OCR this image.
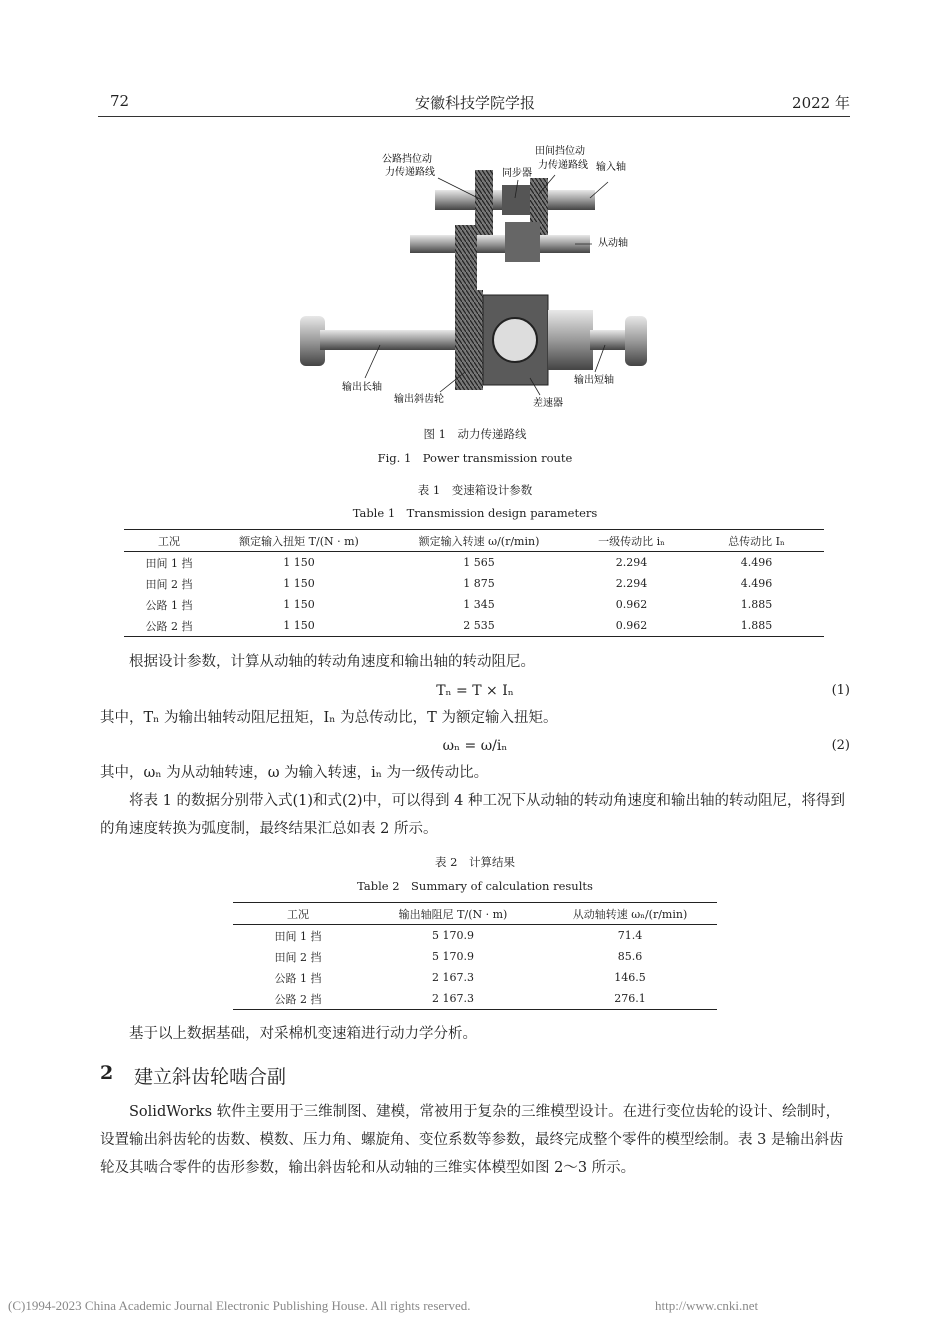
72	安徽科技学院学报	2022 年
公路挡位动
力传递路线	同步器
田间挡位动
力传递路线 输入轴
从动轴
输出长轴
输出斜齿轮	差速器
输出短轴
图 1　动力传递路线
Fig. 1　Power transmission route
表 1　变速箱设计参数
Table 1　Transmission design parameters
工况	额定输入扭矩 T/(N · m)	额定输入转速 ω/(r/min)	一级传动比 iₙ	总传动比 Iₙ
田间 1 挡	1 150	1 565	2.294	4.496
田间 2 挡	1 150	1 875	2.294	4.496
公路 1 挡	1 150	1 345	0.962	1.885
公路 2 挡	1 150	2 535	0.962	1.885
根据设计参数，计算从动轴的转动角速度和输出轴的转动阻尼。
Tₙ = T × Iₙ	(1)
其中，Tₙ 为输出轴转动阻尼扭矩，Iₙ 为总传动比，T 为额定输入扭矩。
ωₙ = ω/iₙ	(2)
其中，ωₙ 为从动轴转速，ω 为输入转速，iₙ 为一级传动比。
将表 1 的数据分别带入式(1)和式(2)中，可以得到 4 种工况下从动轴的转动角速度和输出轴的转动阻尼，将得到的角速度转换为弧度制，最终结果汇总如表 2 所示。
表 2　计算结果
Table 2　Summary of calculation results
工况	输出轴阻尼 T/(N · m)	从动轴转速 ωₙ/(r/min)
田间 1 挡	5 170.9	71.4
田间 2 挡	5 170.9	85.6
公路 1 挡	2 167.3	146.5
公路 2 挡	2 167.3	276.1
基于以上数据基础，对采棉机变速箱进行动力学分析。
2 建立斜齿轮啮合副
SolidWorks 软件主要用于三维制图、建模，常被用于复杂的三维模型设计。在进行变位齿轮的设计、绘制时，设置输出斜齿轮的齿数、模数、压力角、螺旋角、变位系数等参数，最终完成整个零件的模型绘制。表 3 是输出斜齿轮及其啮合零件的齿形参数，输出斜齿轮和从动轴的三维实体模型如图 2～3 所示。
(C)1994-2023 China Academic Journal Electronic Publishing House. All rights reserved.	http://www.cnki.net
